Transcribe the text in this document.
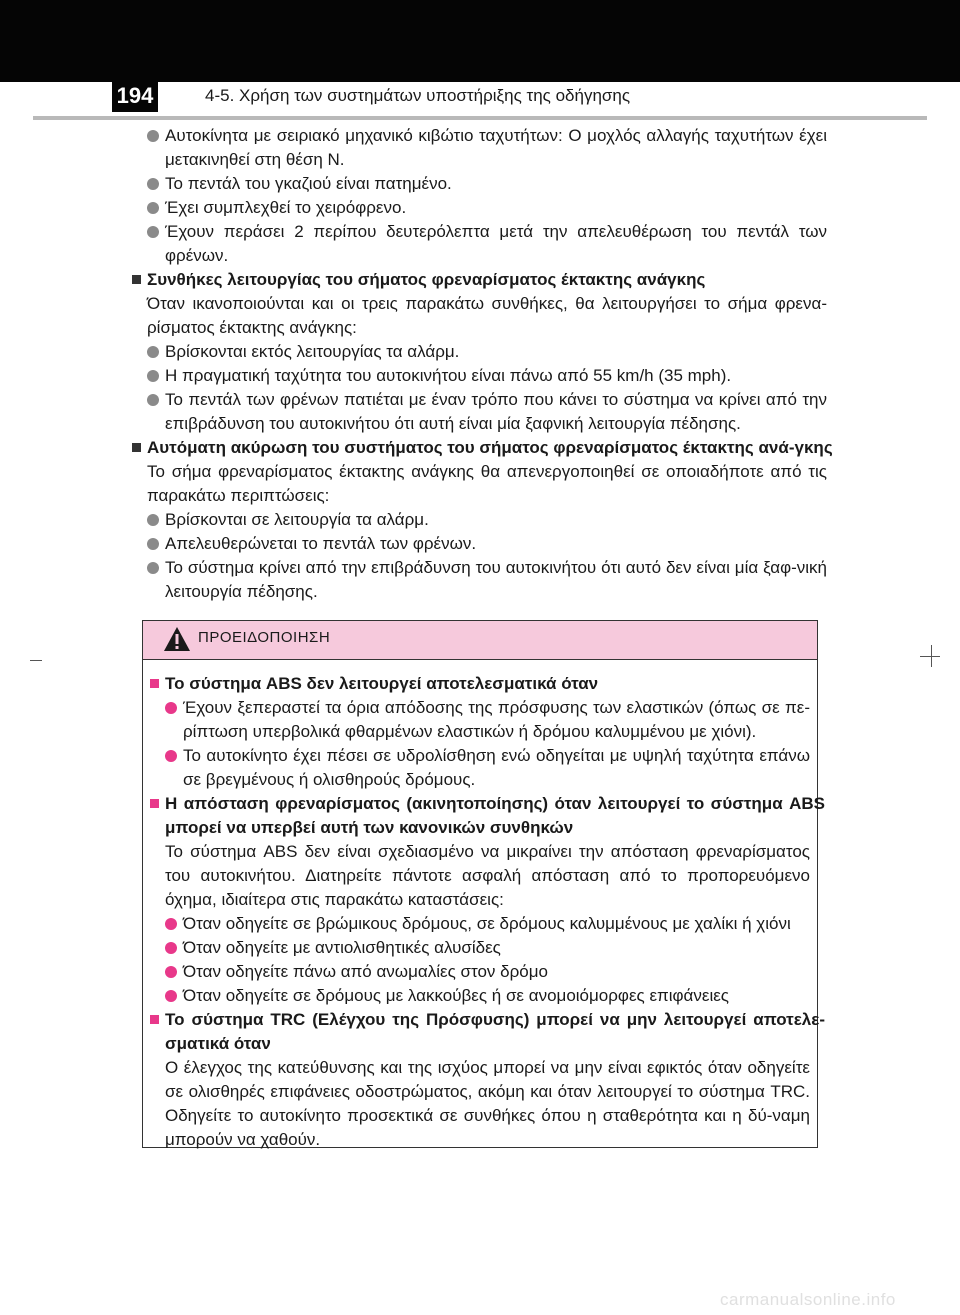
194	4-5. Χρήση των συστημάτων υποστήριξης της οδήγησης
Αυτοκίνητα με σειριακό μηχανικό κιβώτιο ταχυτήτων: Ο μοχλός αλλαγής ταχυτήτων έχει μετακινηθεί στη θέση N.
Το πεντάλ του γκαζιού είναι πατημένο.
Έχει συμπλεχθεί το χειρόφρενο.
Έχουν περάσει 2 περίπου δευτερόλεπτα μετά την απελευθέρωση του πεντάλ των φρένων.
Συνθήκες λειτουργίας του σήματος φρεναρίσματος έκτακτης ανάγκης
Όταν ικανοποιούνται και οι τρεις παρακάτω συνθήκες, θα λειτουργήσει το σήμα φρενα-ρίσματος έκτακτης ανάγκης:
Βρίσκονται εκτός λειτουργίας τα αλάρμ.
Η πραγματική ταχύτητα του αυτοκινήτου είναι πάνω από 55 km/h (35 mph).
Το πεντάλ των φρένων πατιέται με έναν τρόπο που κάνει το σύστημα να κρίνει από την επιβράδυνση του αυτοκινήτου ότι αυτή είναι μία ξαφνική λειτουργία πέδησης.
Αυτόματη ακύρωση του συστήματος του σήματος φρεναρίσματος έκτακτης ανά-γκης
Το σήμα φρεναρίσματος έκτακτης ανάγκης θα απενεργοποιηθεί σε οποιαδήποτε από τις παρακάτω περιπτώσεις:
Βρίσκονται σε λειτουργία τα αλάρμ.
Απελευθερώνεται το πεντάλ των φρένων.
Το σύστημα κρίνει από την επιβράδυνση του αυτοκινήτου ότι αυτό δεν είναι μία ξαφ-νική λειτουργία πέδησης.
ΠΡΟΕΙΔΟΠΟΙΗΣΗ
Το σύστημα ABS δεν λειτουργεί αποτελεσματικά όταν
Έχουν ξεπεραστεί τα όρια απόδοσης της πρόσφυσης των ελαστικών (όπως σε πε-ρίπτωση υπερβολικά φθαρμένων ελαστικών ή δρόμου καλυμμένου με χιόνι).
Το αυτοκίνητο έχει πέσει σε υδρολίσθηση ενώ οδηγείται με υψηλή ταχύτητα επάνω σε βρεγμένους ή ολισθηρούς δρόμους.
Η απόσταση φρεναρίσματος (ακινητοποίησης) όταν λειτουργεί το σύστημα ABS μπορεί να υπερβεί αυτή των κανονικών συνθηκών
Το σύστημα ABS δεν είναι σχεδιασμένο να μικραίνει την απόσταση φρεναρίσματος του αυτοκινήτου. Διατηρείτε πάντοτε ασφαλή απόσταση από το προπορευόμενο όχημα, ιδιαίτερα στις παρακάτω καταστάσεις:
Όταν οδηγείτε σε βρώμικους δρόμους, σε δρόμους καλυμμένους με χαλίκι ή χιόνι
Όταν οδηγείτε με αντιολισθητικές αλυσίδες
Όταν οδηγείτε πάνω από ανωμαλίες στον δρόμο
Όταν οδηγείτε σε δρόμους με λακκούβες ή σε ανομοιόμορφες επιφάνειες
Το σύστημα TRC (Ελέγχου της Πρόσφυσης) μπορεί να μην λειτουργεί αποτελε-σματικά όταν
Ο έλεγχος της κατεύθυνσης και της ισχύος μπορεί να μην είναι εφικτός όταν οδηγείτε σε ολισθηρές επιφάνειες οδοστρώματος, ακόμη και όταν λειτουργεί το σύστημα TRC. Οδηγείτε το αυτοκίνητο προσεκτικά σε συνθήκες όπου η σταθερότητα και η δύ-ναμη μπορούν να χαθούν.
carmanualsonline.info
